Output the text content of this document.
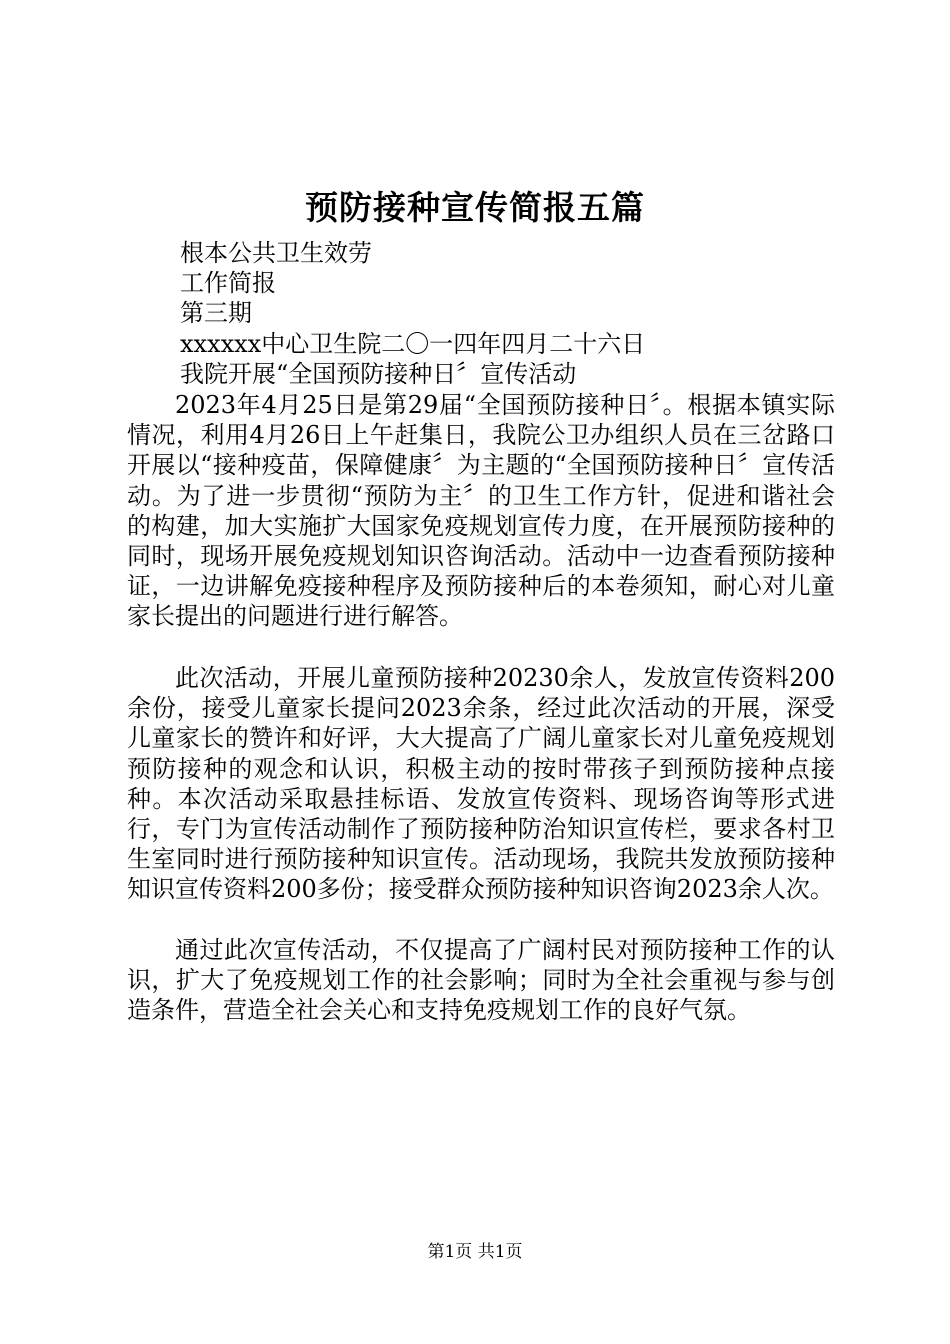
预防接种宣传简报五篇
根本公共卫生效劳
工作简报
第三期
xxxxxx中心卫生院二〇一四年四月二十六日
我院开展“全国预防接种日〞宣传活动
2023年4月25日是第29届“全国预防接种日〞。根据本镇实际情况，利用4月26日上午赶集日，我院公卫办组织人员在三岔路口开展以“接种疫苗，保障健康〞为主题的“全国预防接种日〞宣传活动。为了进一步贯彻“预防为主〞的卫生工作方针，促进和谐社会的构建，加大实施扩大国家免疫规划宣传力度，在开展预防接种的同时，现场开展免疫规划知识咨询活动。活动中一边查看预防接种证，一边讲解免疫接种程序及预防接种后的本卷须知，耐心对儿童家长提出的问题进行进行解答。
此次活动，开展儿童预防接种20230余人，发放宣传资料200余份，接受儿童家长提问2023余条，经过此次活动的开展，深受儿童家长的赞许和好评，大大提高了广阔儿童家长对儿童免疫规划预防接种的观念和认识，积极主动的按时带孩子到预防接种点接种。本次活动采取悬挂标语、发放宣传资料、现场咨询等形式进行，专门为宣传活动制作了预防接种防治知识宣传栏，要求各村卫生室同时进行预防接种知识宣传。活动现场，我院共发放预防接种知识宣传资料200多份；接受群众预防接种知识咨询2023余人次。
通过此次宣传活动，不仅提高了广阔村民对预防接种工作的认识，扩大了免疫规划工作的社会影响；同时为全社会重视与参与创造条件，营造全社会关心和支持免疫规划工作的良好气氛。
第1页 共1页
